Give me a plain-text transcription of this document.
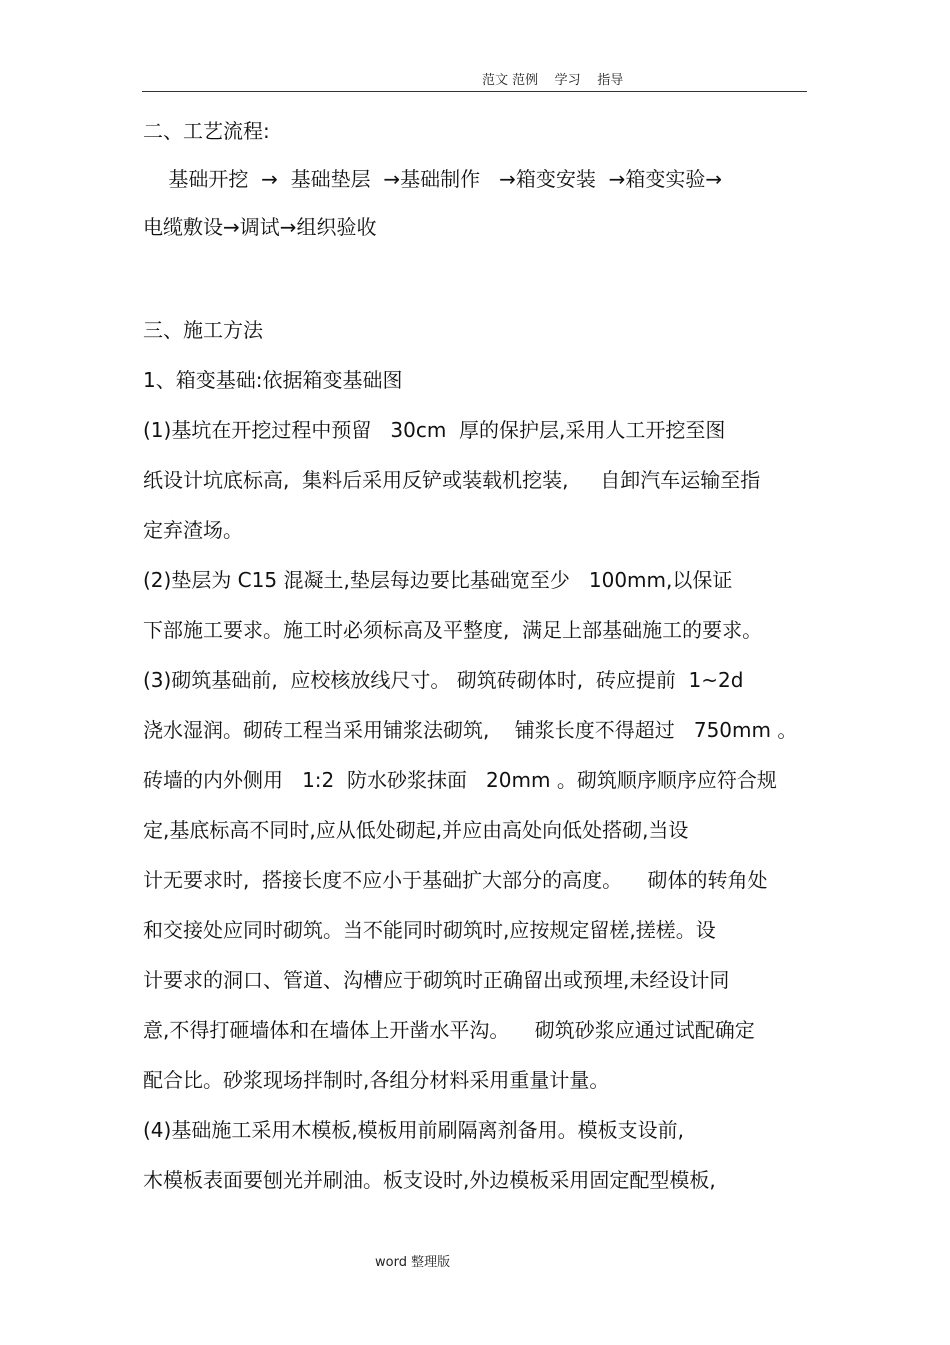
范文 范例    学习    指导
二、工艺流程:
基础开挖  →  基础垫层  →基础制作   →箱变安装  →箱变实验→
电缆敷设→调试→组织验收
三、施工方法
1、箱变基础:依据箱变基础图
(1)基坑在开挖过程中预留   30cm  厚的保护层,采用人工开挖至图
纸设计坑底标高,  集料后采用反铲或装载机挖装,     自卸汽车运输至指
定弃渣场。
(2)垫层为 C15 混凝土,垫层每边要比基础宽至少   100mm,以保证
下部施工要求。施工时必须标高及平整度,  满足上部基础施工的要求。
(3)砌筑基础前,  应校核放线尺寸。 砌筑砖砌体时,  砖应提前  1~2d
浇水湿润。砌砖工程当采用铺浆法砌筑,    铺浆长度不得超过   750mm 。
砖墙的内外侧用   1:2  防水砂浆抹面   20mm 。砌筑顺序顺序应符合规
定,基底标高不同时,应从低处砌起,并应由高处向低处搭砌,当设
计无要求时,  搭接长度不应小于基础扩大部分的高度。    砌体的转角处
和交接处应同时砌筑。当不能同时砌筑时,应按规定留槎,搓槎。设
计要求的洞口、管道、沟槽应于砌筑时正确留出或预埋,未经设计同
意,不得打砸墙体和在墙体上开凿水平沟。    砌筑砂浆应通过试配确定
配合比。砂浆现场拌制时,各组分材料采用重量计量。
(4)基础施工采用木模板,模板用前刷隔离剂备用。模板支设前,
木模板表面要刨光并刷油。板支设时,外边模板采用固定配型模板,
word 整理版
